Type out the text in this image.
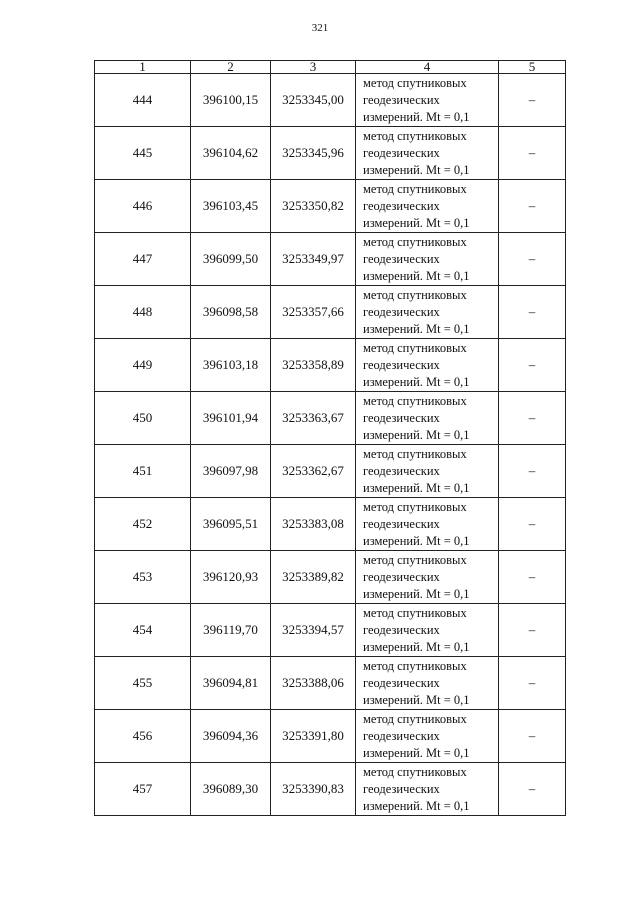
321
1	2	3	4	5
444	396100,15	3253345,00	метод спутниковых
геодезических
измерений. Mt = 0,1	–
445	396104,62	3253345,96	метод спутниковых
геодезических
измерений. Mt = 0,1	–
446	396103,45	3253350,82	метод спутниковых
геодезических
измерений. Mt = 0,1	–
447	396099,50	3253349,97	метод спутниковых
геодезических
измерений. Mt = 0,1	–
448	396098,58	3253357,66	метод спутниковых
геодезических
измерений. Mt = 0,1	–
449	396103,18	3253358,89	метод спутниковых
геодезических
измерений. Mt = 0,1	–
450	396101,94	3253363,67	метод спутниковых
геодезических
измерений. Mt = 0,1	–
451	396097,98	3253362,67	метод спутниковых
геодезических
измерений. Mt = 0,1	–
452	396095,51	3253383,08	метод спутниковых
геодезических
измерений. Mt = 0,1	–
453	396120,93	3253389,82	метод спутниковых
геодезических
измерений. Mt = 0,1	–
454	396119,70	3253394,57	метод спутниковых
геодезических
измерений. Mt = 0,1	–
455	396094,81	3253388,06	метод спутниковых
геодезических
измерений. Mt = 0,1	–
456	396094,36	3253391,80	метод спутниковых
геодезических
измерений. Mt = 0,1	–
457	396089,30	3253390,83	метод спутниковых
геодезических
измерений. Mt = 0,1	–
